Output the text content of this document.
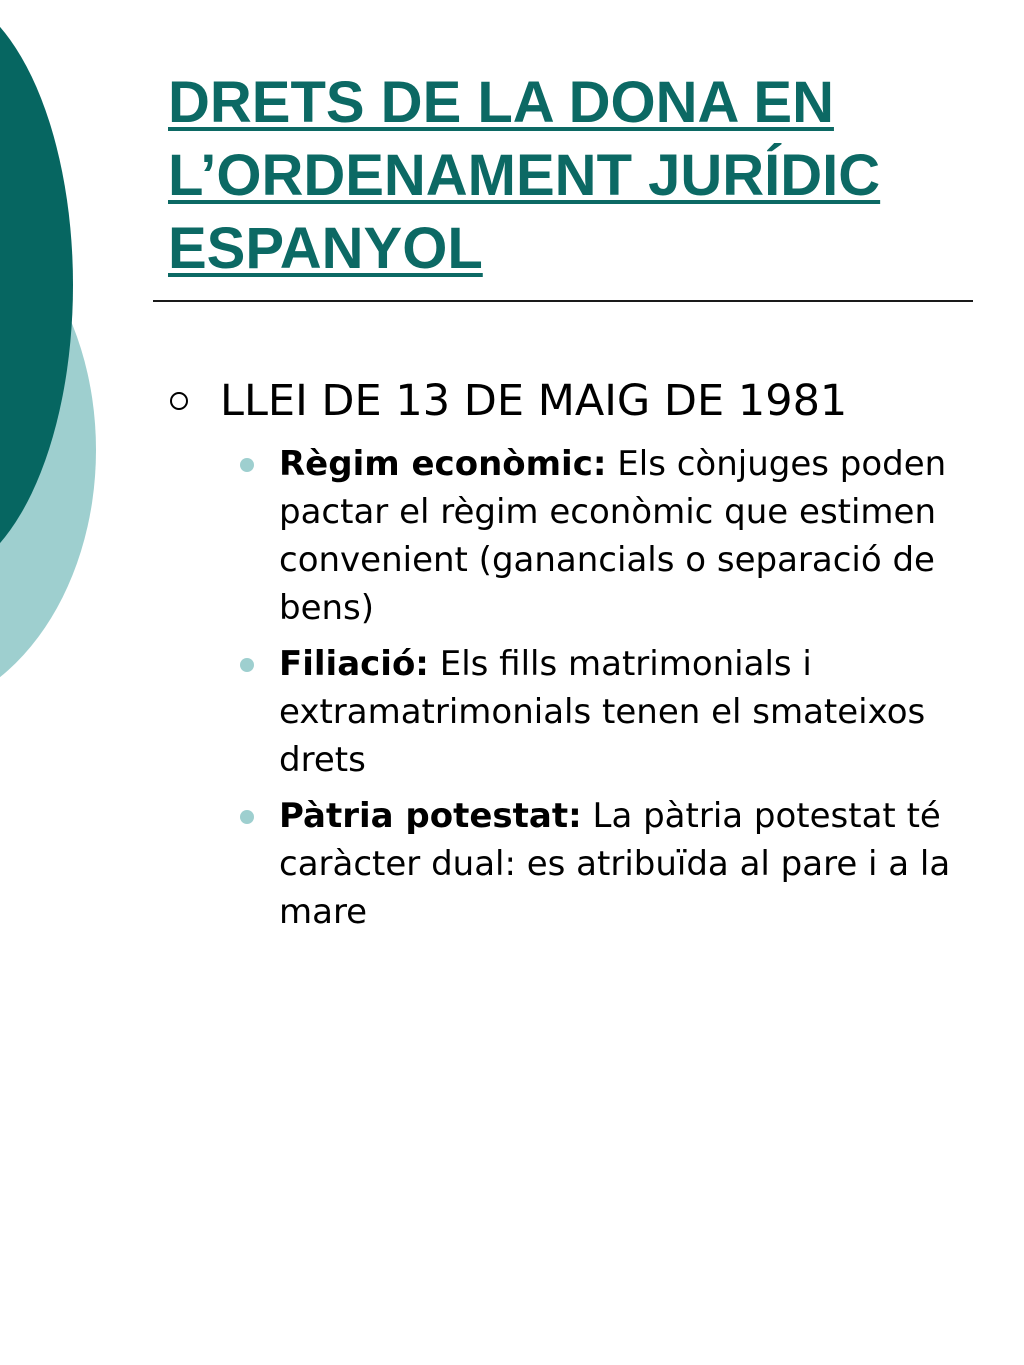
DRETS DE LA DONA EN
L’ORDENAMENT JURÍDIC
ESPANYOL
LLEI DE 13 DE MAIG DE 1981
Règim econòmic: Els cònjuges poden pactar el règim econòmic que estimen convenient (ganancials o separació de bens)
Filiació: Els fills matrimonials i extramatrimonials tenen el smateixos drets
Pàtria potestat: La pàtria potestat té caràcter dual: es atribuïda al pare i a la mare
